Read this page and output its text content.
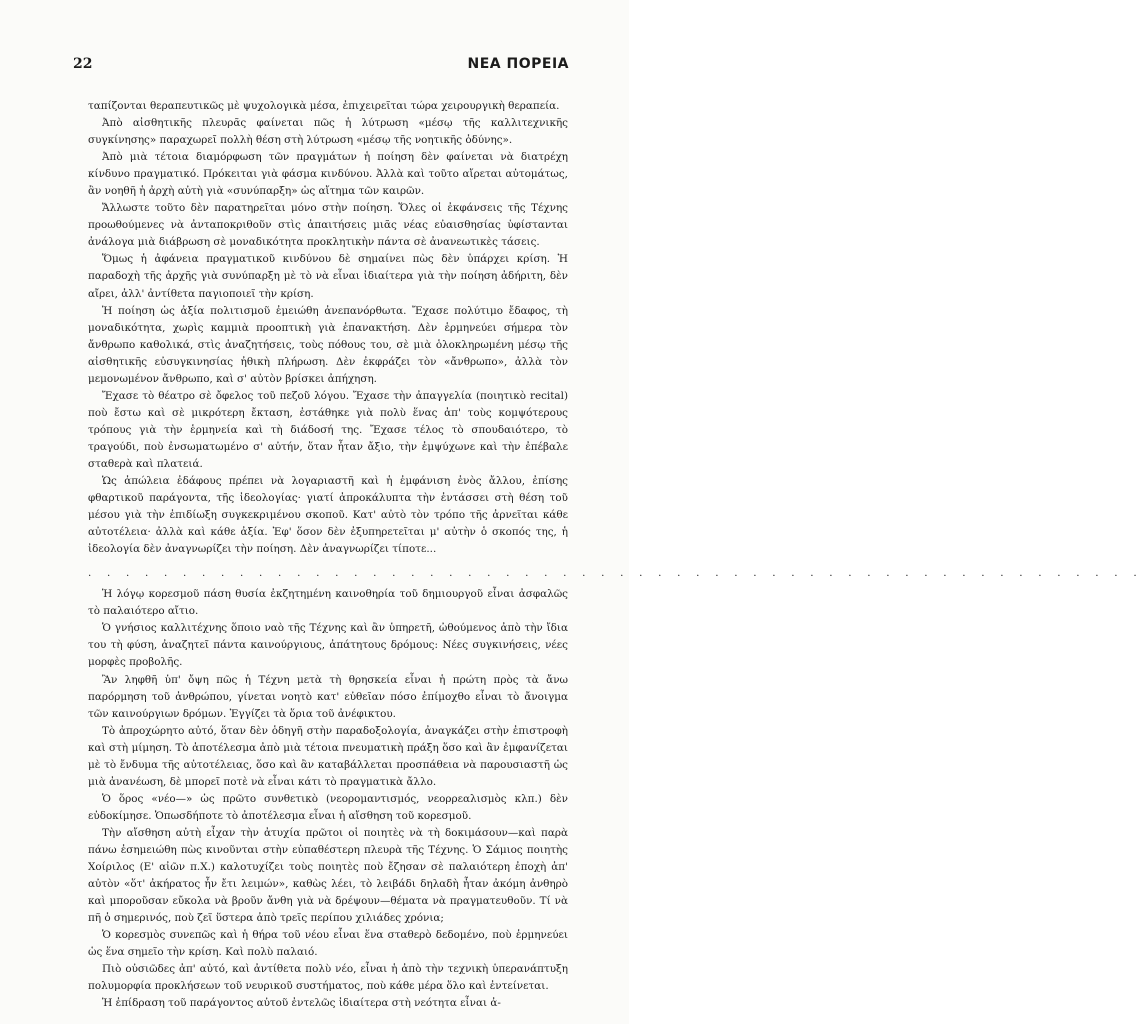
22	ΝΕΑ ΠΟΡΕΙΑ

ταπίζονται θεραπευτικῶς μὲ ψυχολογικὰ μέσα, ἐπιχειρεῖται τώρα χειρουργικὴ θεραπεία.

Ἀπὸ αἰσθητικῆς πλευρᾶς φαίνεται πῶς ἡ λύτρωση «μέσῳ τῆς καλλιτεχνικῆς συγκίνησης» παραχωρεῖ πολλὴ θέση στὴ λύτρωση «μέσῳ τῆς νοητικῆς ὀδύνης».

Ἀπὸ μιὰ τέτοια διαμόρφωση τῶν πραγμάτων ἡ ποίηση δὲν φαίνεται νὰ διατρέχη κίνδυνο πραγματικό. Πρόκειται γιὰ φάσμα κινδύνου. Ἀλλὰ καὶ τοῦτο αἴρεται αὐτομάτως, ἂν νοηθῆ ἡ ἀρχὴ αὐτὴ γιὰ «συνύπαρξη» ὡς αἴτημα τῶν καιρῶν.

Ἄλλωστε τοῦτο δὲν παρατηρεῖται μόνο στὴν ποίηση. Ὅλες οἱ ἐκφάνσεις τῆς Τέχνης προωθούμενες νὰ ἀνταποκριθοῦν στὶς ἀπαιτήσεις μιᾶς νέας εὐαισθησίας ὑφίστανται ἀνάλογα μιὰ διάβρωση σὲ μοναδικότητα προκλητικὴν πάντα σὲ ἀνανεωτικὲς τάσεις.

Ὅμως ἡ ἀφάνεια πραγματικοῦ κινδύνου δὲ σημαίνει πὼς δὲν ὑπάρχει κρίση. Ἡ παραδοχὴ τῆς ἀρχῆς γιὰ συνύπαρξη μὲ τὸ νὰ εἶναι ἰδιαίτερα γιὰ τὴν ποίηση ἀδήριτη, δὲν αἴρει, ἀλλ' ἀντίθετα παγιοποιεῖ τὴν κρίση.

Ἡ ποίηση ὡς ἀξία πολιτισμοῦ ἐμειώθη ἀνεπανόρθωτα. Ἔχασε πολύτιμο ἔδαφος, τὴ μοναδικότητα, χωρὶς καμμιὰ προοπτικὴ γιὰ ἐπανακτήση. Δὲν ἑρμηνεύει σήμερα τὸν ἄνθρωπο καθολικά, στὶς ἀναζητήσεις, τοὺς πόθους του, σὲ μιὰ ὁλοκληρωμένη μέσῳ τῆς αἰσθητικῆς εὐσυγκινησίας ἠθικὴ πλήρωση. Δὲν ἐκφράζει τὸν «ἄνθρωπο», ἀλλὰ τὸν μεμονωμένον ἄνθρωπο, καὶ σ' αὐτὸν βρίσκει ἀπήχηση.

Ἔχασε τὸ θέατρο σὲ ὄφελος τοῦ πεζοῦ λόγου. Ἔχασε τὴν ἀπαγγελία (ποιητικὸ recital) ποὺ ἔστω καὶ σὲ μικρότερη ἔκταση, ἐστάθηκε γιὰ πολὺ ἕνας ἀπ' τοὺς κομψότερους τρόπους γιὰ τὴν ἑρμηνεία καὶ τὴ διάδοσή της. Ἔχασε τέλος τὸ σπουδαιότερο, τὸ τραγούδι, ποὺ ἐνσωματωμένο σ' αὐτήν, ὅταν ἦταν ἄξιο, τὴν ἐμψύχωνε καὶ τὴν ἐπέβαλε σταθερὰ καὶ πλατειά.

Ὡς ἀπώλεια ἐδάφους πρέπει νὰ λογαριαστῆ καὶ ἡ ἐμφάνιση ἑνὸς ἄλλου, ἐπίσης φθαρτικοῦ παράγοντα, τῆς ἰδεολογίας· γιατί ἀπροκάλυπτα τὴν ἐντάσσει στὴ θέση τοῦ μέσου γιὰ τὴν ἐπιδίωξη συγκεκριμένου σκοποῦ. Κατ' αὐτὸ τὸν τρόπο τῆς ἀρνεῖται κάθε αὐτοτέλεια· ἀλλὰ καὶ κάθε ἀξία. Ἐφ' ὅσον δὲν ἐξυπηρετεῖται μ' αὐτὴν ὁ σκοπός της, ἡ ἰδεολογία δὲν ἀναγνωρίζει τὴν ποίηση. Δὲν ἀναγνωρίζει τίποτε...

. . . . . . . . . . . . . . . . . . . . . . . . . . . . . . . . . . . . . . . . . . . . . . . . . . . . . . . .

Ἡ λόγῳ κορεσμοῦ πάση θυσία ἐκζητημένη καινοθηρία τοῦ δημιουργοῦ εἶναι ἀσφαλῶς τὸ παλαιότερο αἴτιο.

Ὁ γνήσιος καλλιτέχνης ὅποιο ναὸ τῆς Τέχνης καὶ ἂν ὑπηρετῆ, ὠθούμενος ἀπὸ τὴν ἴδια του τὴ φύση, ἀναζητεῖ πάντα καινούργιους, ἀπάτητους δρόμους: Νέες συγκινήσεις, νέες μορφὲς προβολῆς.

Ἂν ληφθῆ ὑπ' ὄψη πῶς ἡ Τέχνη μετὰ τὴ θρησκεία εἶναι ἡ πρώτη πρὸς τὰ ἄνω παρόρμηση τοῦ ἀνθρώπου, γίνεται νοητὸ κατ' εὐθεῖαν πόσο ἐπίμοχθο εἶναι τὸ ἄνοιγμα τῶν καινούργιων δρόμων. Ἐγγίζει τὰ ὅρια τοῦ ἀνέφικτου.

Τὸ ἀπροχώρητο αὐτό, ὅταν δὲν ὁδηγῆ στὴν παραδοξολογία, ἀναγκάζει στὴν ἐπιστροφὴ καὶ στὴ μίμηση. Τὸ ἀποτέλεσμα ἀπὸ μιὰ τέτοια πνευματικὴ πράξη ὅσο καὶ ἂν ἐμφανίζεται μὲ τὸ ἔνδυμα τῆς αὐτοτέλειας, ὅσο καὶ ἂν καταβάλλεται προσπάθεια νὰ παρουσιαστῆ ὡς μιὰ ἀνανέωση, δὲ μπορεῖ ποτὲ νὰ εἶναι κάτι τὸ πραγματικὰ ἄλλο.

Ὁ ὅρος «νέο—» ὡς πρῶτο συνθετικὸ (νεορομαντισμός, νεορρεαλισμὸς κλπ.) δὲν εὐδοκίμησε. Ὁπωσδήποτε τὸ ἀποτέλεσμα εἶναι ἡ αἴσθηση τοῦ κορεσμοῦ.

Τὴν αἴσθηση αὐτὴ εἶχαν τὴν ἀτυχία πρῶτοι οἱ ποιητὲς νὰ τὴ δοκιμάσουν—καὶ παρὰ πάνω ἐσημειώθη πὼς κινοῦνται στὴν εὐπαθέστερη πλευρὰ τῆς Τέχνης. Ὁ Σάμιος ποιητὴς Χοίριλος (Ε' αἰῶν π.Χ.) καλοτυχίζει τοὺς ποιητὲς ποὺ ἔζησαν σὲ παλαιότερη ἐποχὴ ἀπ' αὐτὸν «ὅτ' ἀκήρατος ἦν ἔτι λειμών», καθὼς λέει, τὸ λειβάδι δηλαδὴ ἦταν ἀκόμη ἀνθηρὸ καὶ μποροῦσαν εὔκολα νὰ βροῦν ἄνθη γιὰ νὰ δρέψουν—θέματα νὰ πραγματευθοῦν. Τί νὰ πῆ ὁ σημερινός, ποὺ ζεῖ ὕστερα ἀπὸ τρεῖς περίπου χιλιάδες χρόνια;

Ὁ κορεσμὸς συνεπῶς καὶ ἡ θήρα τοῦ νέου εἶναι ἕνα σταθερὸ δεδομένο, ποὺ ἑρμηνεύει ὡς ἕνα σημεῖο τὴν κρίση. Καὶ πολὺ παλαιό.

Πιὸ οὐσιῶδες ἀπ' αὐτό, καὶ ἀντίθετα πολὺ νέο, εἶναι ἡ ἀπὸ τὴν τεχνικὴ ὑπερανάπτυξη πολυμορφία προκλήσεων τοῦ νευρικοῦ συστήματος, ποὺ κάθε μέρα ὅλο καὶ ἐντείνεται.

Ἡ ἐπίδραση τοῦ παράγοντος αὐτοῦ ἐντελῶς ἰδιαίτερα στὴ νεότητα εἶναι ἀ-
